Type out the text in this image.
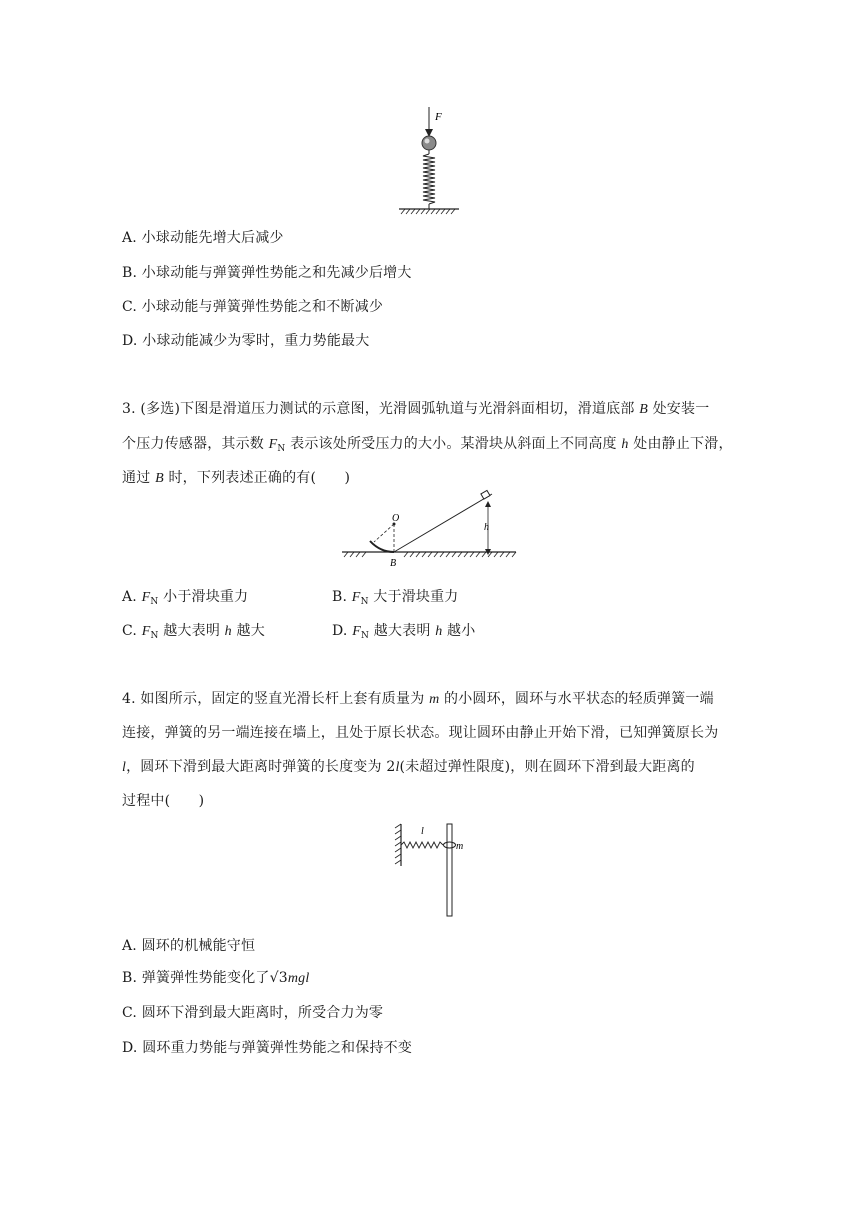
F
A. 小球动能先增大后减少
B. 小球动能与弹簧弹性势能之和先减少后增大
C. 小球动能与弹簧弹性势能之和不断减少
D. 小球动能减少为零时，重力势能最大
3. (多选)下图是滑道压力测试的示意图，光滑圆弧轨道与光滑斜面相切，滑道底部 B 处安装一
个压力传感器，其示数 $F_N$ 表示该处所受压力的大小。某滑块从斜面上不同高度 h 处由静止下滑，
通过 B 时，下列表述正确的有(　　)
O
B
h
A. $F_N$ 小于滑块重力	B. $F_N$ 大于滑块重力
C. $F_N$ 越大表明 h 越大	D. $F_N$ 越大表明 h 越小
4. 如图所示，固定的竖直光滑长杆上套有质量为 m 的小圆环，圆环与水平状态的轻质弹簧一端
连接，弹簧的另一端连接在墙上，且处于原长状态。现让圆环由静止开始下滑，已知弹簧原长为
l，圆环下滑到最大距离时弹簧的长度变为 2l(未超过弹性限度)，则在圆环下滑到最大距离的
过程中(　　)
l
m
A. 圆环的机械能守恒
B. 弹簧弹性势能变化了√3mgl
C. 圆环下滑到最大距离时，所受合力为零
D. 圆环重力势能与弹簧弹性势能之和保持不变
